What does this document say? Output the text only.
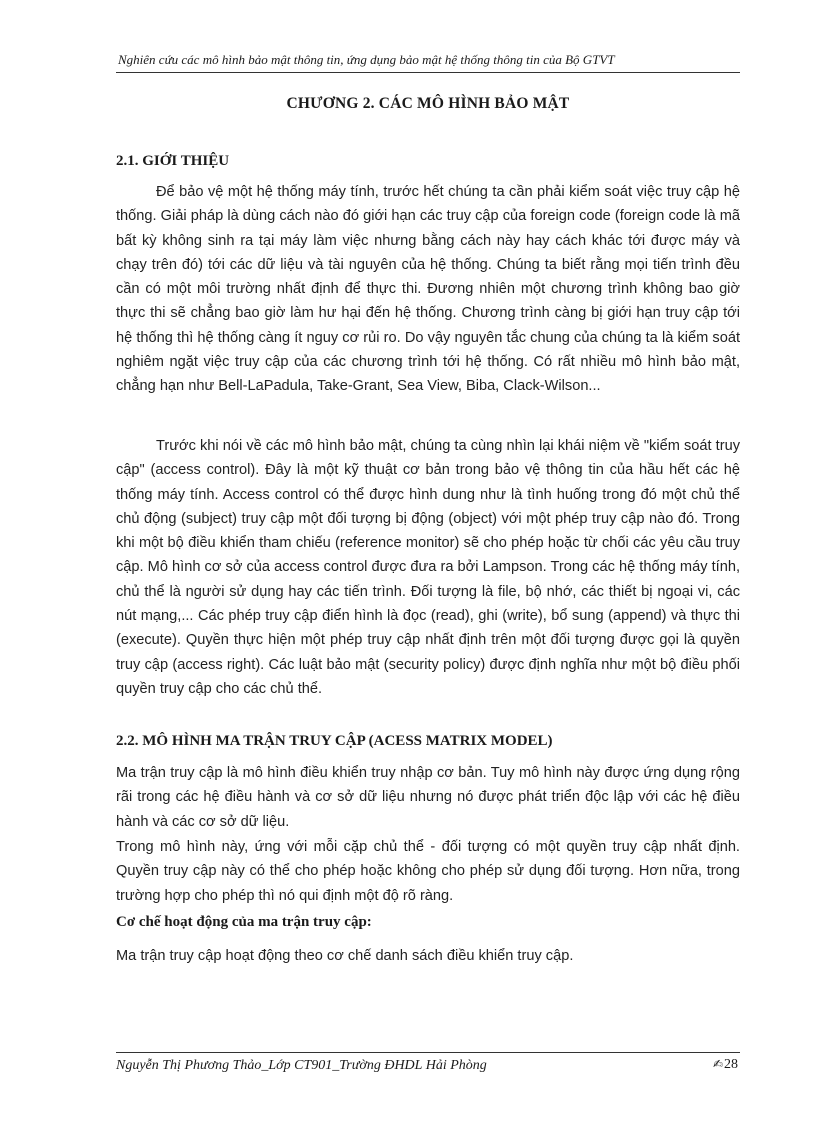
Nghiên cứu các mô hình bảo mật thông tin, ứng dụng bảo mật hệ thống thông tin của Bộ GTVT
CHƯƠNG 2. CÁC MÔ HÌNH BẢO MẬT
2.1. GIỚI THIỆU
Để bảo vệ một hệ thống máy tính, trước hết chúng ta cần phải kiểm soát việc truy cập hệ thống. Giải pháp là dùng cách nào đó giới hạn các truy cập của foreign code (foreign code là mã bất kỳ không sinh ra tại máy làm việc nhưng bằng cách này hay cách khác tới được máy và chạy trên đó) tới các dữ liệu và tài nguyên của hệ thống. Chúng ta biết rằng mọi tiến trình đều cần có một môi trường nhất định để thực thi. Đương nhiên một chương trình không bao giờ thực thi sẽ chẳng bao giờ làm hư hại đến hệ thống. Chương trình càng bị giới hạn truy cập tới hệ thống thì hệ thống càng ít nguy cơ rủi ro. Do vậy nguyên tắc chung của chúng ta là kiểm soát nghiêm ngặt việc truy cập của các chương trình tới hệ thống. Có rất nhiều mô hình bảo mật, chẳng hạn như Bell-LaPadula, Take-Grant, Sea View, Biba, Clack-Wilson...
Trước khi nói về các mô hình bảo mật, chúng ta cùng nhìn lại khái niệm về "kiểm soát truy cập" (access control). Đây là một kỹ thuật cơ bản trong bảo vệ thông tin của hầu hết các hệ thống máy tính. Access control có thể được hình dung như là tình huống trong đó một chủ thể chủ động (subject) truy cập một đối tượng bị động (object) với một phép truy cập nào đó. Trong khi một bộ điều khiển tham chiếu (reference monitor) sẽ cho phép hoặc từ chối các yêu cầu truy cập. Mô hình cơ sở của access control được đưa ra bởi Lampson. Trong các hệ thống máy tính, chủ thể là người sử dụng hay các tiến trình. Đối tượng là file, bộ nhớ, các thiết bị ngoại vi, các nút mạng,... Các phép truy cập điển hình là đọc (read), ghi (write), bổ sung (append) và thực thi (execute). Quyền thực hiện một phép truy cập nhất định trên một đối tượng được gọi là quyền truy cập (access right). Các luật bảo mật (security policy) được định nghĩa như một bộ điều phối quyền truy cập cho các chủ thể.
2.2. MÔ HÌNH MA TRẬN TRUY CẬP (ACESS MATRIX MODEL)
Ma trận truy cập là mô hình điều khiển truy nhập cơ bản. Tuy mô hình này được ứng dụng rộng rãi trong các hệ điều hành và cơ sở dữ liệu nhưng nó được phát triển độc lập với các hệ điều hành và các cơ sở dữ liệu.
Trong mô hình này, ứng với mỗi cặp chủ thể - đối tượng có một quyền truy cập nhất định. Quyền truy cập này có thể cho phép hoặc không cho phép sử dụng đối tượng. Hơn nữa, trong trường hợp cho phép thì nó qui định một độ rõ ràng.
Cơ chế hoạt động của ma trận truy cập:
Ma trận truy cập hoạt động theo cơ chế danh sách điều khiển truy cập.
Nguyễn Thị Phương Thảo_Lớp CT901_Trường ĐHDL Hải Phòng	✍28
